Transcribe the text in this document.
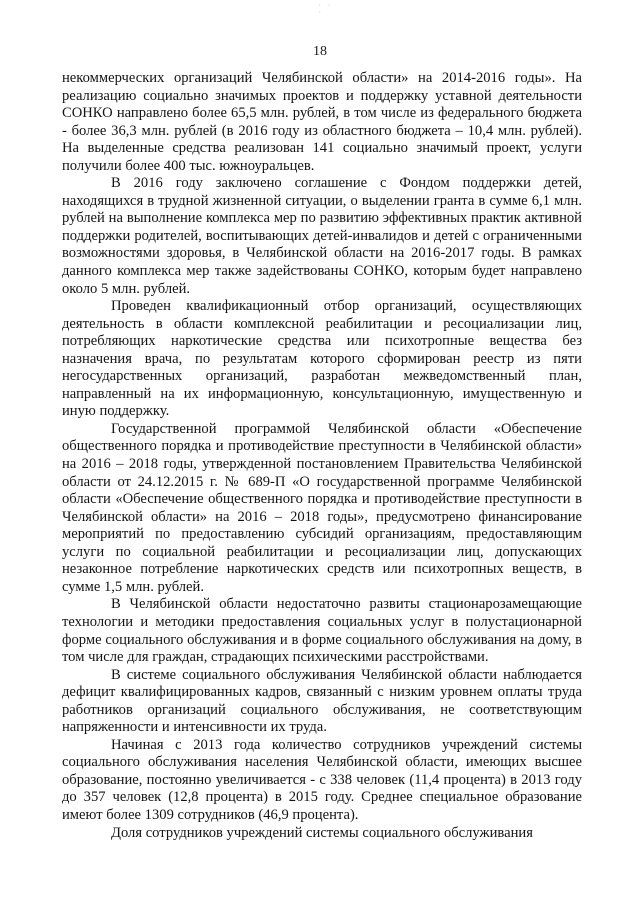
· · ·
18

некоммерческих организаций Челябинской области» на 2014-2016 годы». На реализацию социально значимых проектов и поддержку уставной деятельности СОНКО направлено более 65,5 млн. рублей, в том числе из федерального бюджета - более 36,3 млн. рублей (в 2016 году из областного бюджета – 10,4 млн. рублей). На выделенные средства реализован 141 социально значимый проект, услуги получили более 400 тыс. южноуральцев.

В 2016 году заключено соглашение с Фондом поддержки детей, находящихся в трудной жизненной ситуации, о выделении гранта в сумме 6,1 млн. рублей на выполнение комплекса мер по развитию эффективных практик активной поддержки родителей, воспитывающих детей-инвалидов и детей с ограниченными возможностями здоровья, в Челябинской области на 2016-2017 годы. В рамках данного комплекса мер также задействованы СОНКО, которым будет направлено около 5 млн. рублей.

Проведен квалификационный отбор организаций, осуществляющих деятельность в области комплексной реабилитации и ресоциализации лиц, потребляющих наркотические средства или психотропные вещества без назначения врача, по результатам которого сформирован реестр из пяти негосударственных организаций, разработан межведомственный план, направленный на их информационную, консультационную, имущественную и иную поддержку.

Государственной программой Челябинской области «Обеспечение общественного порядка и противодействие преступности в Челябинской области» на 2016 – 2018 годы, утвержденной постановлением Правительства Челябинской области от 24.12.2015 г. № 689-П «О государственной программе Челябинской области «Обеспечение общественного порядка и противодействие преступности в Челябинской области» на 2016 – 2018 годы», предусмотрено финансирование мероприятий по предоставлению субсидий организациям, предоставляющим услуги по социальной реабилитации и ресоциализации лиц, допускающих незаконное потребление наркотических средств или психотропных веществ, в сумме 1,5 млн. рублей.

В Челябинской области недостаточно развиты стационарозамещающие технологии и методики предоставления социальных услуг в полустационарной форме социального обслуживания и в форме социального обслуживания на дому, в том числе для граждан, страдающих психическими расстройствами.

В системе социального обслуживания Челябинской области наблюдается дефицит квалифицированных кадров, связанный с низким уровнем оплаты труда работников организаций социального обслуживания, не соответствующим напряженности и интенсивности их труда.

Начиная с 2013 года количество сотрудников учреждений системы социального обслуживания населения Челябинской области, имеющих высшее образование, постоянно увеличивается - с 338 человек (11,4 процента) в 2013 году до 357 человек (12,8 процента) в 2015 году. Среднее специальное образование имеют более 1309 сотрудников (46,9 процента).

Доля сотрудников учреждений системы социального обслуживания
